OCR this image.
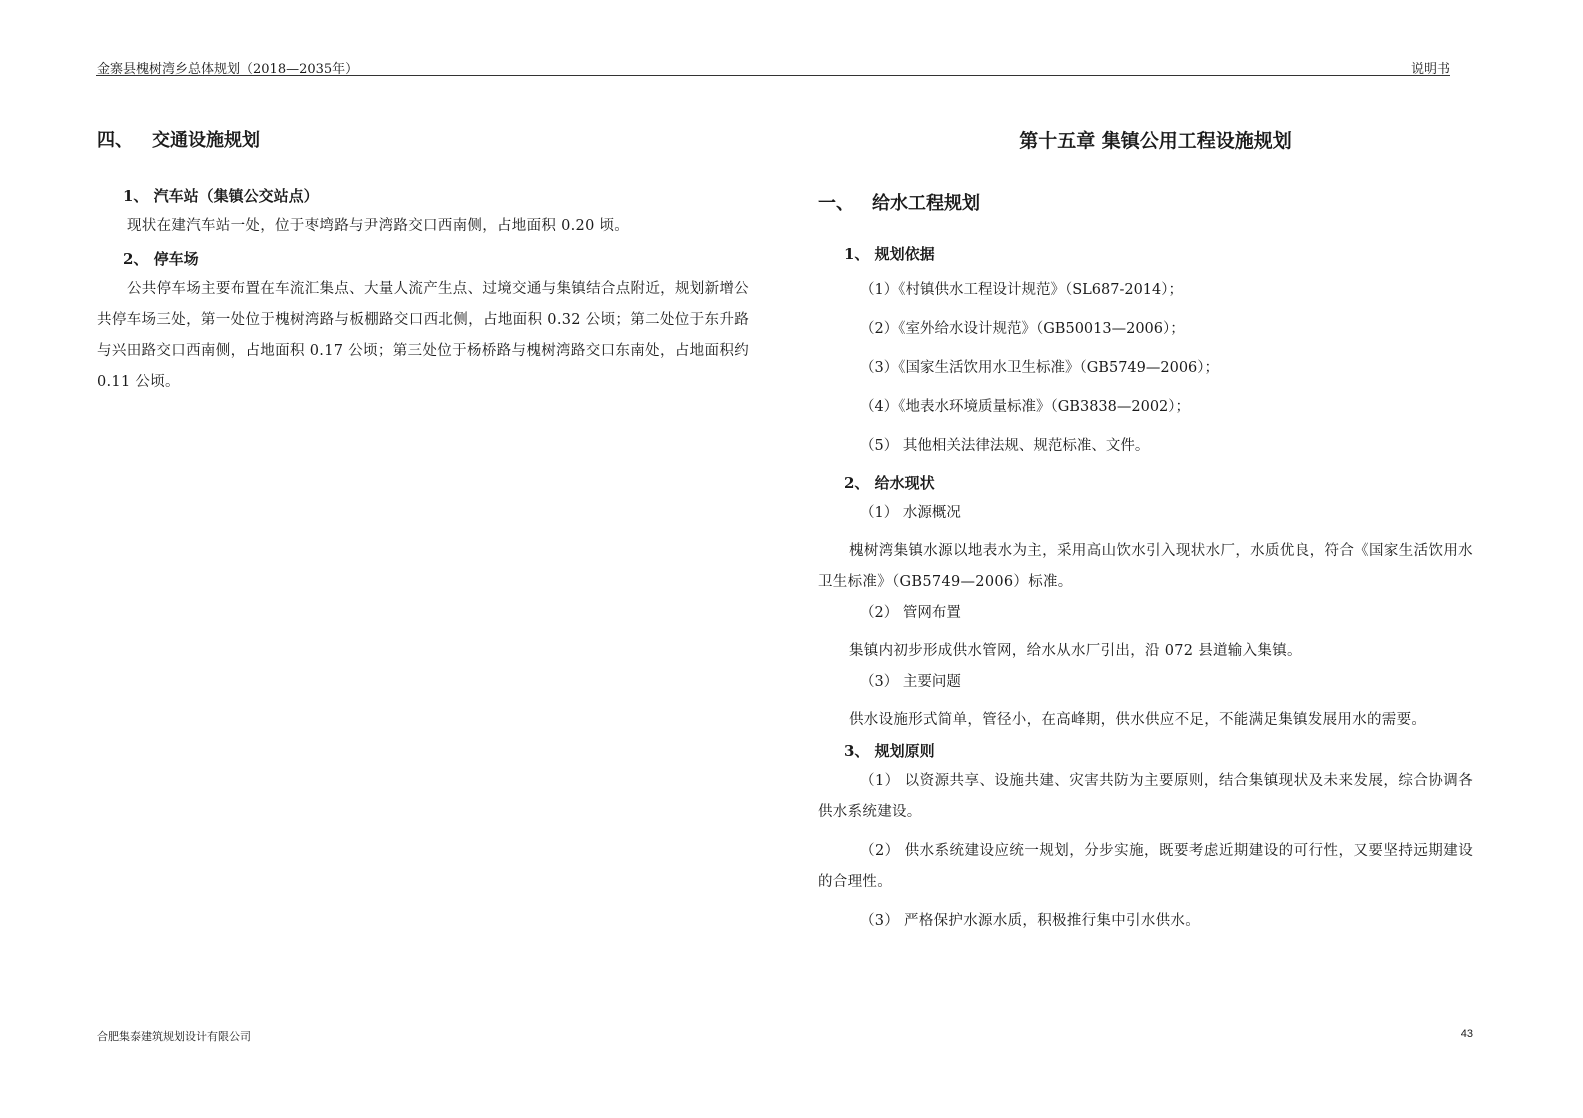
金寨县槐树湾乡总体规划（2018—2035年）	说明书
四、 交通设施规划
1、 汽车站（集镇公交站点）

现状在建汽车站一处，位于枣塆路与尹湾路交口西南侧，占地面积 0.20 顷。

2、 停车场

公共停车场主要布置在车流汇集点、大量人流产生点、过境交通与集镇结合点附近，规划新增公共停车场三处，第一处位于槐树湾路与板棚路交口西北侧，占地面积 0.32 公顷；第二处位于东升路与兴田路交口西南侧，占地面积 0.17 公顷；第三处位于杨桥路与槐树湾路交口东南处，占地面积约 0.11 公顷。

第十五章 集镇公用工程设施规划
一、 给水工程规划
1、 规划依据
（1）《村镇供水工程设计规范》（SL687-2014）；
（2）《室外给水设计规范》（GB50013—2006）；
（3）《国家生活饮用水卫生标准》（GB5749—2006）；
（4）《地表水环境质量标准》（GB3838—2002）；
（5） 其他相关法律法规、规范标准、文件。
2、 给水现状
（1） 水源概况

槐树湾集镇水源以地表水为主，采用高山饮水引入现状水厂，水质优良，符合《国家生活饮用水卫生标准》（GB5749—2006）标准。

（2） 管网布置

集镇内初步形成供水管网，给水从水厂引出，沿 072 县道输入集镇。

（3） 主要问题

供水设施形式简单，管径小，在高峰期，供水供应不足，不能满足集镇发展用水的需要。

3、 规划原则

（1） 以资源共享、设施共建、灾害共防为主要原则，结合集镇现状及未来发展，综合协调各供水系统建设。

（2） 供水系统建设应统一规划，分步实施，既要考虑近期建设的可行性，又要坚持远期建设的合理性。

（3） 严格保护水源水质，积极推行集中引水供水。

合肥集泰建筑规划设计有限公司	43
